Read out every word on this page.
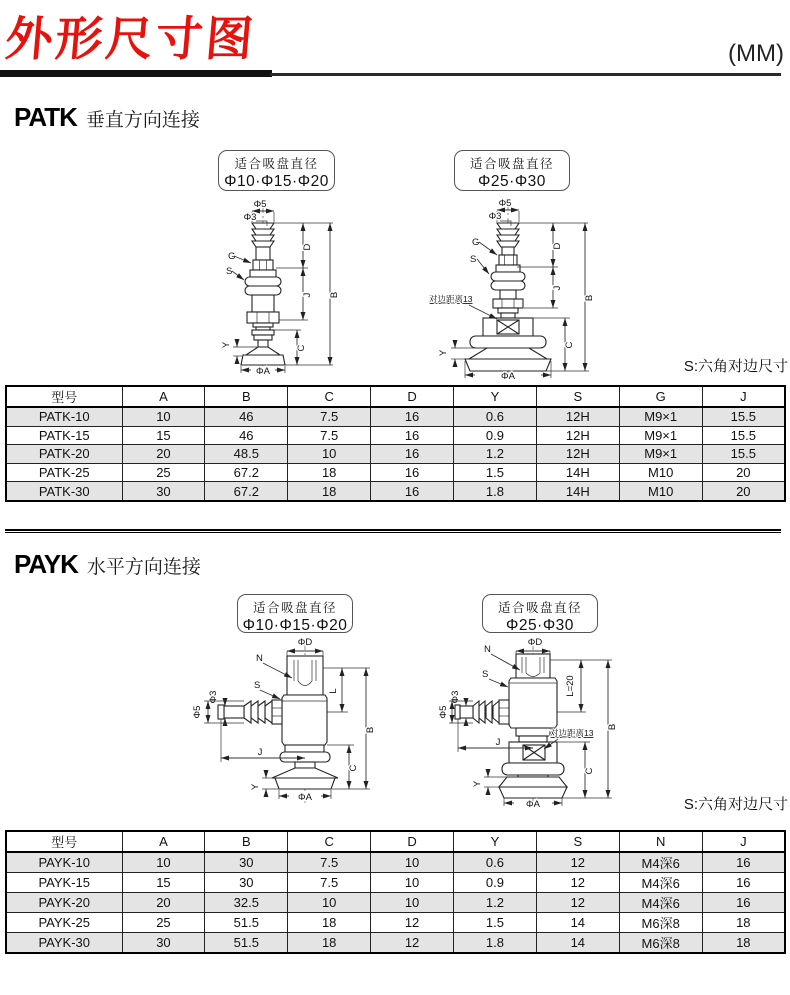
外形尺寸图	(MM)
PATK 垂直方向连接
适合吸盘直径
Φ10·Φ15·Φ20
适合吸盘直径
Φ25·Φ30
Φ5
Φ3
G
S
D
J B
C
Y
ΦA
Φ5
Φ3
G
S
对边距离13
D
J
B
C
Y
ΦA
S:六角对边尺寸
型号	A	B	C	D	Y	S	G	J
PATK-10	10	46	7.5	16	0.6	12H	M9×1	15.5
PATK-15	15	46	7.5	16	0.9	12H	M9×1	15.5
PATK-20	20	48.5	10	16	1.2	12H	M9×1	15.5
PATK-25	25	67.2	18	16	1.5	14H	M10	20
PATK-30	30	67.2	18	16	1.8	14H	M10	20
PAYK 水平方向连接
适合吸盘直径
Φ10·Φ15·Φ20
适合吸盘直径
Φ25·Φ30
ΦD
N
S
Φ3
Φ5
L
B
C
J
Y
ΦA
ΦD
N
S
Φ3
Φ5
L=20
B
J
对边距离13
C
Y
ΦA	S:六角对边尺寸
型号	A	B	C	D	Y	S	N	J
PAYK-10	10	30	7.5	10	0.6	12	M4深6	16
PAYK-15	15	30	7.5	10	0.9	12	M4深6	16
PAYK-20	20	32.5	10	10	1.2	12	M4深6	16
PAYK-25	25	51.5	18	12	1.5	14	M6深8	18
PAYK-30	30	51.5	18	12	1.8	14	M6深8	18
